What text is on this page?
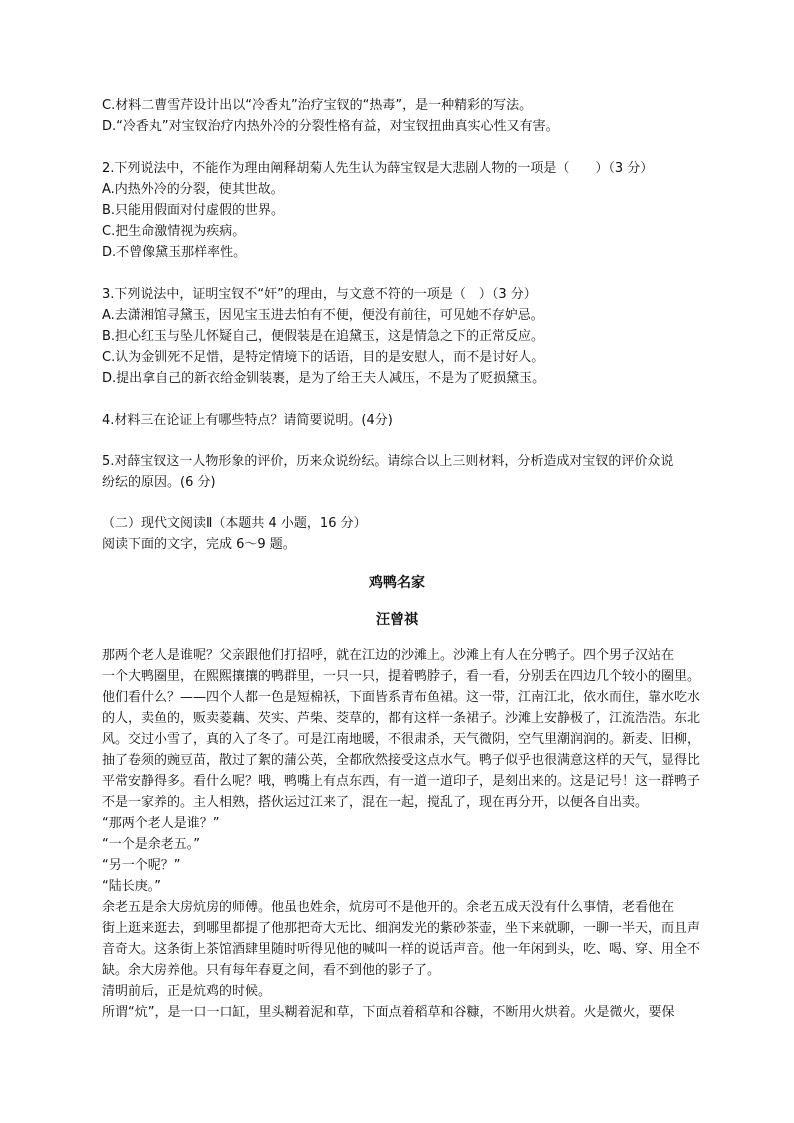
C.材料二曹雪芹设计出以“冷香丸”治疗宝钗的“热毒”，是一种精彩的写法。
D.“冷香丸”对宝钗治疗内热外冷的分裂性格有益，对宝钗扭曲真实心性又有害。
2.下列说法中，不能作为理由阐释胡菊人先生认为薛宝钗是大悲剧人物的一项是（　　）（3 分）
A.内热外冷的分裂，使其世故。
B.只能用假面对付虚假的世界。
C.把生命激情视为疾病。
D.不曾像黛玉那样率性。
3.下列说法中，证明宝钗不“奸”的理由，与文意不符的一项是（　）（3 分）
A.去潇湘馆寻黛玉，因见宝玉进去怕有不便，便没有前往，可见她不存妒忌。
B.担心红玉与坠儿怀疑自己，便假装是在追黛玉，这是情急之下的正常反应。
C.认为金钏死不足惜，是特定情境下的话语，目的是安慰人，而不是讨好人。
D.提出拿自己的新衣给金钏装裹，是为了给王夫人减压，不是为了贬损黛玉。
4.材料三在论证上有哪些特点？请简要说明。(4分)
5.对薛宝钗这一人物形象的评价，历来众说纷纭。请综合以上三则材料，分析造成对宝钗的评价众说
纷纭的原因。(6 分)
（二）现代文阅读Ⅱ（本题共 4 小题，16 分）
阅读下面的文字，完成 6～9 题。
鸡鸭名家
汪曾祺
那两个老人是谁呢？父亲跟他们打招呼，就在江边的沙滩上。沙滩上有人在分鸭子。四个男子汉站在
一个大鸭圈里，在熙熙攘攘的鸭群里，一只一只，提着鸭脖子，看一看，分别丢在四边几个较小的圈里。
他们看什么？——四个人都一色是短棉袄，下面皆系青布鱼裙。这一带，江南江北，依水而住，靠水吃水
的人，卖鱼的，贩卖菱藕、芡实、芦柴、茭草的，都有这样一条裙子。沙滩上安静极了，江流浩浩。东北
风。交过小雪了，真的入了冬了。可是江南地暖，不很肃杀，天气微阴，空气里潮润润的。新麦、旧柳，
抽了卷须的豌豆苗，散过了絮的蒲公英，全都欣然接受这点水气。鸭子似乎也很满意这样的天气，显得比
平常安静得多。看什么呢？哦，鸭嘴上有点东西，有一道一道印子，是刻出来的。这是记号！这一群鸭子
不是一家养的。主人相熟，搭伙运过江来了，混在一起，搅乱了，现在再分开，以便各自出卖。
“那两个老人是谁？”
“一个是余老五。”
“另一个呢？”
“陆长庚。”
余老五是余大房炕房的师傅。他虽也姓余，炕房可不是他开的。余老五成天没有什么事情，老看他在
街上逛来逛去，到哪里都提了他那把奇大无比、细润发光的紫砂茶壶，坐下来就聊，一聊一半天，而且声
音奇大。这条街上茶馆酒肆里随时听得见他的喊叫一样的说话声音。他一年闲到头，吃、喝、穿、用全不
缺。余大房养他。只有每年春夏之间，看不到他的影子了。
清明前后，正是炕鸡的时候。
所谓“炕”，是一口一口缸，里头糊着泥和草，下面点着稻草和谷糠，不断用火烘着。火是微火，要保
